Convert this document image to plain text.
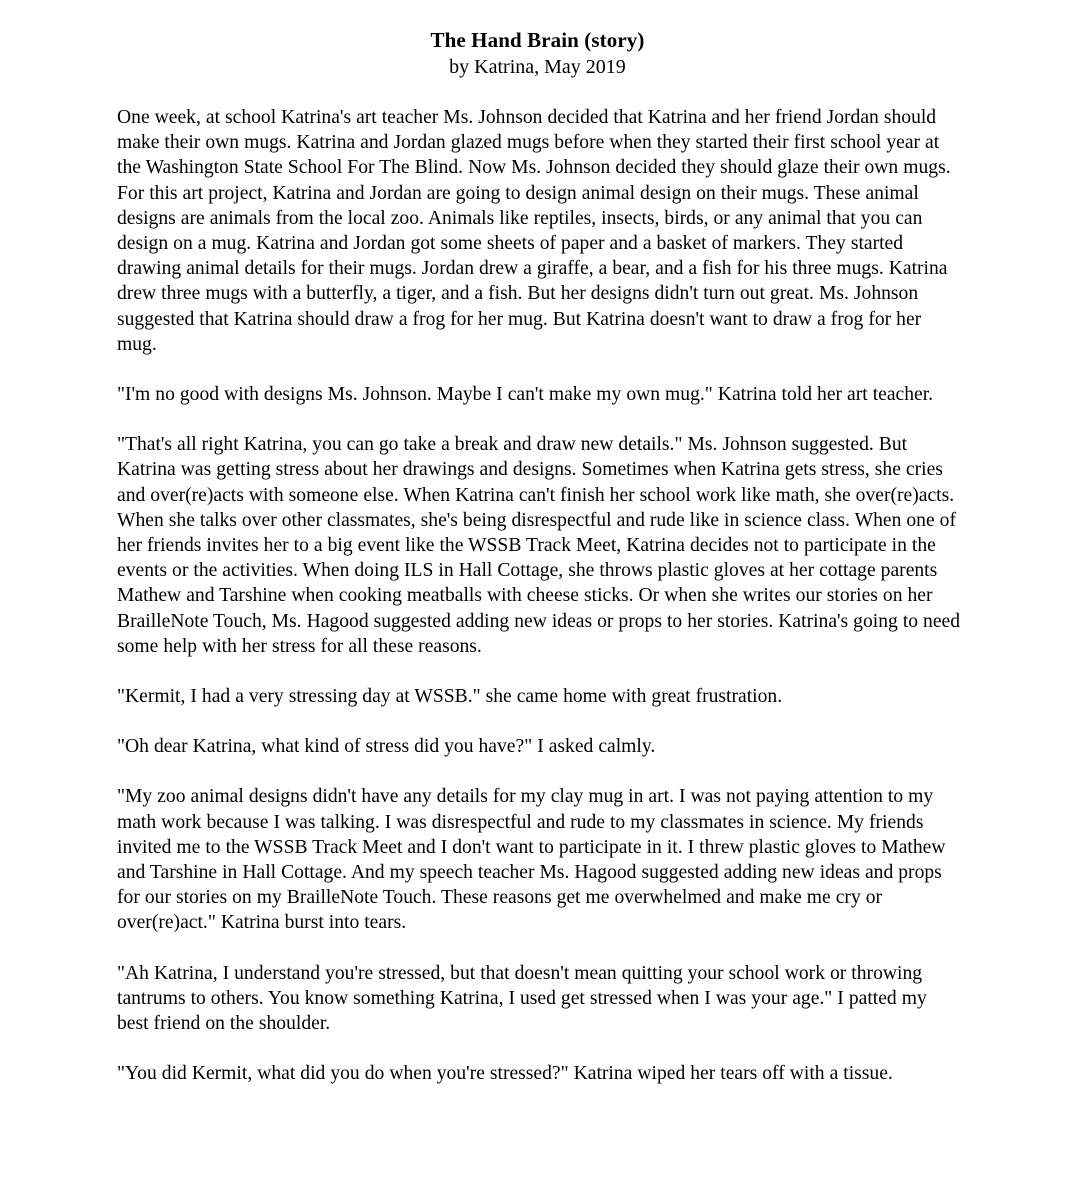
The Hand Brain (story)

by Katrina, May 2019

One week, at school Katrina's art teacher Ms. Johnson decided that Katrina and her friend Jordan should make their own mugs. Katrina and Jordan glazed mugs before when they started their first school year at the Washington State School For The Blind. Now Ms. Johnson decided they should glaze their own mugs. For this art project, Katrina and Jordan are going to design animal design on their mugs. These animal designs are animals from the local zoo. Animals like reptiles, insects, birds, or any animal that you can design on a mug. Katrina and Jordan got some sheets of paper and a basket of markers. They started drawing animal details for their mugs. Jordan drew a giraffe, a bear, and a fish for his three mugs. Katrina drew three mugs with a butterfly, a tiger, and a fish. But her designs didn't turn out great. Ms. Johnson suggested that Katrina should draw a frog for her mug. But Katrina doesn't want to draw a frog for her mug.

"I'm no good with designs Ms. Johnson. Maybe I can't make my own mug." Katrina told her art teacher.

"That's all right Katrina, you can go take a break and draw new details." Ms. Johnson suggested. But Katrina was getting stress about her drawings and designs. Sometimes when Katrina gets stress, she cries and over(re)acts with someone else. When Katrina can't finish her school work like math, she over(re)acts. When she talks over other classmates, she's being disrespectful and rude like in science class. When one of her friends invites her to a big event like the WSSB Track Meet, Katrina decides not to participate in the events or the activities. When doing ILS in Hall Cottage, she throws plastic gloves at her cottage parents Mathew and Tarshine when cooking meatballs with cheese sticks. Or when she writes our stories on her BrailleNote Touch, Ms. Hagood suggested adding new ideas or props to her stories. Katrina's going to need some help with her stress for all these reasons.

"Kermit, I had a very stressing day at WSSB." she came home with great frustration.

"Oh dear Katrina, what kind of stress did you have?" I asked calmly.

"My zoo animal designs didn't have any details for my clay mug in art. I was not paying attention to my math work because I was talking. I was disrespectful and rude to my classmates in science. My friends invited me to the WSSB Track Meet and I don't want to participate in it. I threw plastic gloves to Mathew and Tarshine in Hall Cottage. And my speech teacher Ms. Hagood suggested adding new ideas and props for our stories on my BrailleNote Touch. These reasons get me overwhelmed and make me cry or over(re)act." Katrina burst into tears.

"Ah Katrina, I understand you're stressed, but that doesn't mean quitting your school work or throwing tantrums to others. You know something Katrina, I used get stressed when I was your age." I patted my best friend on the shoulder.

"You did Kermit, what did you do when you're stressed?" Katrina wiped her tears off with a tissue.
